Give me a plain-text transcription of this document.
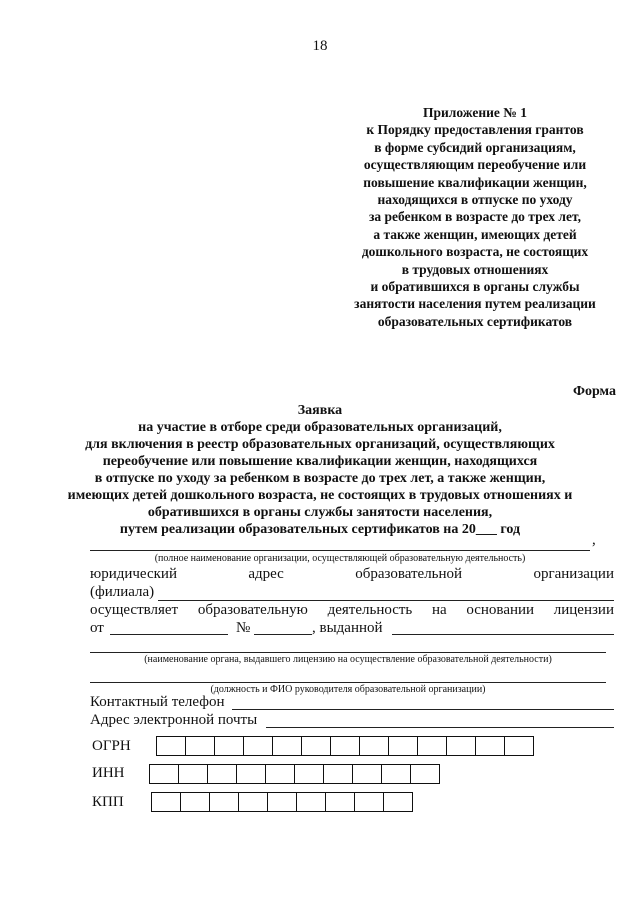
18
Приложение № 1
к Порядку предоставления грантов
в форме субсидий организациям,
осуществляющим переобучение или
повышение квалификации женщин,
находящихся в отпуске по уходу
за ребенком в возрасте до трех лет,
а также женщин, имеющих детей
дошкольного возраста, не состоящих
в трудовых отношениях
и обратившихся в органы службы
занятости населения путем реализации
образовательных сертификатов
Форма
Заявка
на участие в отборе среди образовательных организаций,
для включения в реестр образовательных организаций, осуществляющих
переобучение или повышение квалификации женщин, находящихся
в отпуске по уходу за ребенком в возрасте до трех лет, а также женщин,
имеющих детей дошкольного возраста, не состоящих в трудовых отношениях и
обратившихся в органы службы занятости населения,
путем реализации образовательных сертификатов на 20___ год
,
(полное наименование организации, осуществляющей образовательную деятельность)
юридический	адрес	образовательной	организации
(филиала)
осуществляет образовательную деятельность на основании лицензии
от	№	, выданной
(наименование органа, выдавшего лицензию на осуществление образовательной деятельности)
(должность и ФИО руководителя образовательной организации)
Контактный телефон
Адрес электронной почты
ОГРН
ИНН
КПП
